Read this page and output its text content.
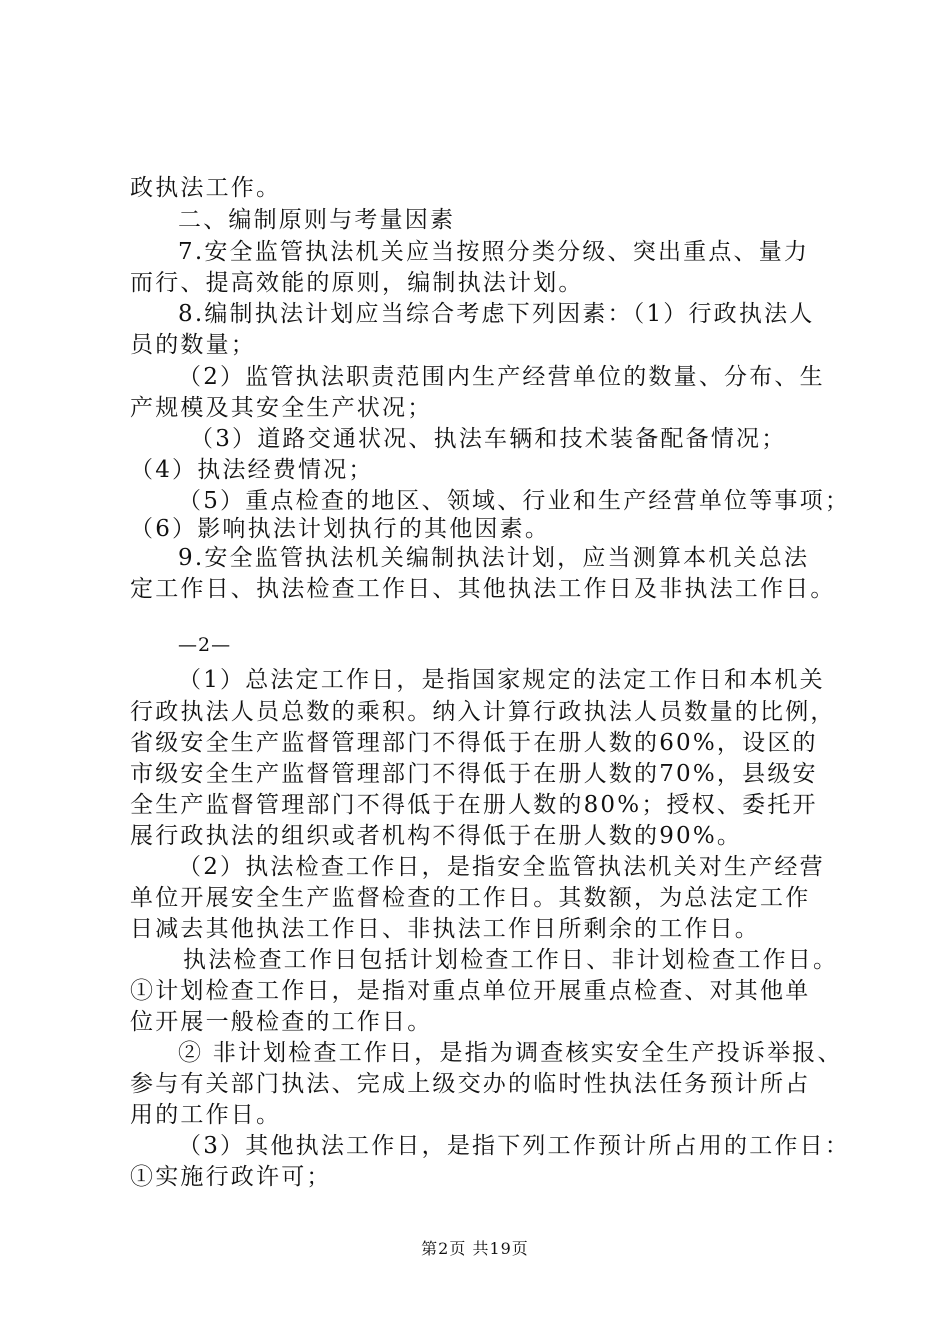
政执法工作。
二、编制原则与考量因素
7.安全监管执法机关应当按照分类分级、突出重点、量力
而行、提高效能的原则，编制执法计划。
8.编制执法计划应当综合考虑下列因素：（1）行政执法人
员的数量；
（2）监管执法职责范围内生产经营单位的数量、分布、生
产规模及其安全生产状况；
（3）道路交通状况、执法车辆和技术装备配备情况；
（4）执法经费情况；
（5）重点检查的地区、领域、行业和生产经营单位等事项；
（6）影响执法计划执行的其他因素。
9.安全监管执法机关编制执法计划，应当测算本机关总法
定工作日、执法检查工作日、其他执法工作日及非执法工作日。
—2—
（1）总法定工作日，是指国家规定的法定工作日和本机关
行政执法人员总数的乘积。纳入计算行政执法人员数量的比例，
省级安全生产监督管理部门不得低于在册人数的60%，设区的
市级安全生产监督管理部门不得低于在册人数的70%，县级安
全生产监督管理部门不得低于在册人数的80%；授权、委托开
展行政执法的组织或者机构不得低于在册人数的90%。
（2）执法检查工作日，是指安全监管执法机关对生产经营
单位开展安全生产监督检查的工作日。其数额，为总法定工作
日减去其他执法工作日、非执法工作日所剩余的工作日。
执法检查工作日包括计划检查工作日、非计划检查工作日。
①计划检查工作日，是指对重点单位开展重点检查、对其他单
位开展一般检查的工作日。
② 非计划检查工作日，是指为调查核实安全生产投诉举报、
参与有关部门执法、完成上级交办的临时性执法任务预计所占
用的工作日。
（3）其他执法工作日，是指下列工作预计所占用的工作日：
①实施行政许可；
第2页 共19页
